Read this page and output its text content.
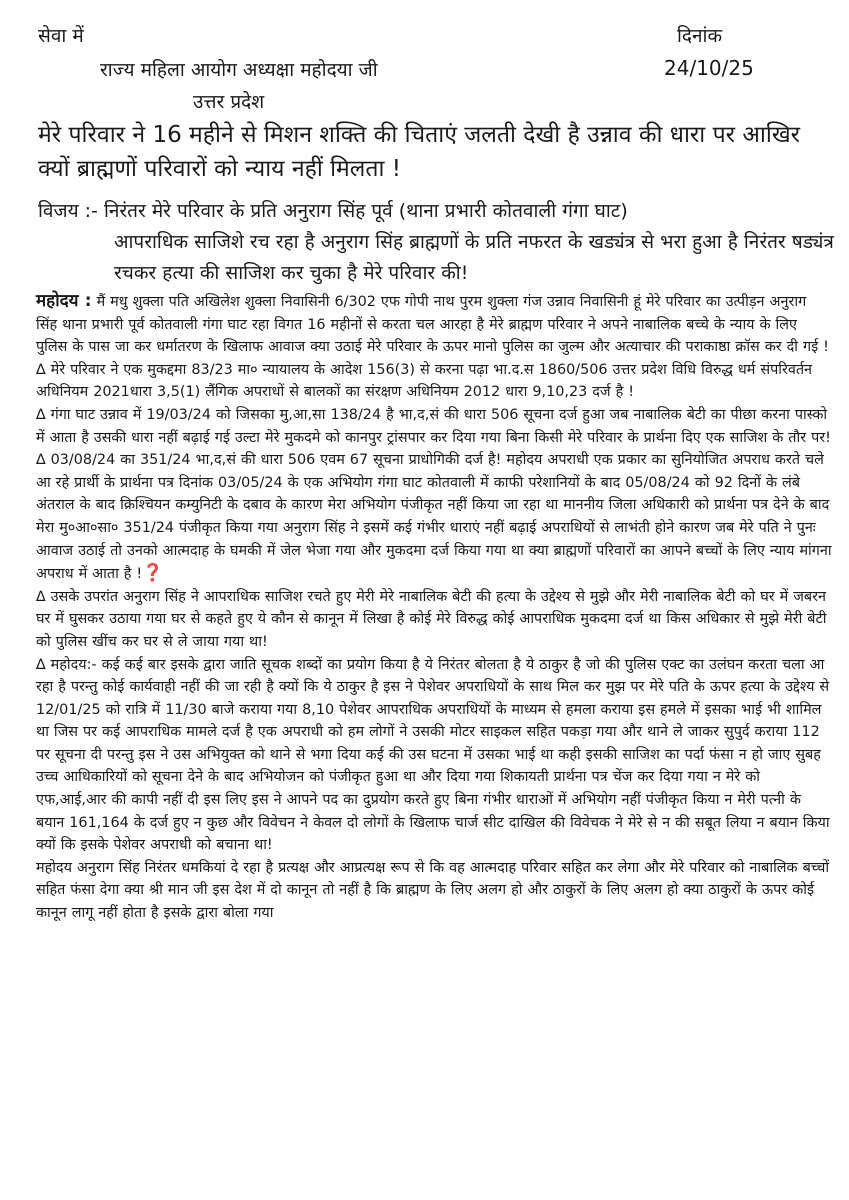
सेवा में
राज्य महिला आयोग अध्यक्षा महोदया जी
उत्तर प्रदेश
दिनांक
24/10/25
मेरे परिवार ने 16 महीने से मिशन शक्ति की चिताएं जलती देखी है उन्नाव की धारा पर आखिर क्यों ब्राह्मणों परिवारों को न्याय नहीं मिलता !
विजय :- निरंतर मेरे परिवार के प्रति अनुराग सिंह पूर्व (थाना प्रभारी कोतवाली गंगा घाट)
आपराधिक साजिशे रच रहा है अनुराग सिंह ब्राह्मणों के प्रति नफरत के खड्यंत्र से भरा हुआ है निरंतर षड्यंत्र रचकर हत्या की साजिश कर चुका है मेरे परिवार की!

महोदय : मैं मधु शुक्ला पति अखिलेश शुक्ला निवासिनी 6/302 एफ गोपी नाथ पुरम शुक्ला गंज उन्नाव निवासिनी हूं मेरे परिवार का उत्पीड़न अनुराग सिंह थाना प्रभारी पूर्व कोतवाली गंगा घाट रहा विगत 16 महीनों से करता चल आरहा है मेरे ब्राह्मण परिवार ने अपने नाबालिक बच्चे के न्याय के लिए पुलिस के पास जा कर धर्मातरण के खिलाफ आवाज क्या उठाई मेरे परिवार के ऊपर मानो पुलिस का जुल्म और अत्याचार की पराकाष्ठा क्रॉस कर दी गई !

∆ मेरे परिवार ने एक मुकद्दमा 83/23 मा० न्यायालय के आदेश 156(3) से करना पढ़ा भा.द.स 1860/506 उत्तर प्रदेश विधि विरुद्ध धर्म संपरिवर्तन अधिनियम 2021धारा 3,5(1) लैंगिक अपराधों से बालकों का संरक्षण अधिनियम 2012 धारा 9,10,23 दर्ज है !

∆ गंगा घाट उन्नाव में 19/03/24 को जिसका मु,आ,सा 138/24 है भा,द,सं की धारा 506 सूचना दर्ज हुआ जब नाबालिक बेटी का पीछा करना पास्को में आता है उसकी धारा नहीं बढ़ाई गई उल्टा मेरे मुकदमे को कानपुर ट्रांसपार कर दिया गया बिना किसी मेरे परिवार के प्रार्थना दिए एक साजिश के तौर पर!

∆ 03/08/24 का 351/24 भा,द,सं की धारा 506 एवम 67 सूचना प्राधोगिकी दर्ज है! महोदय अपराधी एक प्रकार का सुनियोजित अपराध करते चले आ रहे प्रार्थी के प्रार्थना पत्र दिनांक 03/05/24 के एक अभियोग गंगा घाट कोतवाली में काफी परेशानियों के बाद 05/08/24 को 92 दिनों के लंबे अंतराल के बाद क्रिश्चियन कम्युनिटी के दबाव के कारण मेरा अभियोग पंजीकृत नहीं किया जा रहा था माननीय जिला अधिकारी को प्रार्थना पत्र देने के बाद मेरा मु०आ०सा० 351/24 पंजीकृत किया गया अनुराग सिंह ने इसमें कई गंभीर धाराएं नहीं बढ़ाई अपराधियों से लाभंती होने कारण जब मेरे पति ने पुनः आवाज उठाई तो उनको आत्मदाह के घमकी में जेल भेजा गया और मुकदमा दर्ज किया गया था क्या ब्राह्मणों परिवारों का आपने बच्चों के लिए न्याय मांगना अपराध में आता है !❓

∆ उसके उपरांत अनुराग सिंह ने आपराधिक साजिश रचते हुए मेरी मेरे नाबालिक बेटी की हत्या के उद्देश्य से मुझे और मेरी नाबालिक बेटी को घर में जबरन घर में घुसकर उठाया गया घर से कहते हुए ये कौन से कानून में लिखा है कोई मेरे विरुद्ध कोई आपराधिक मुकदमा दर्ज था किस अधिकार से मुझे मेरी बेटी को पुलिस खींच कर घर से ले जाया गया था!

∆ महोदय:- कई कई बार इसके द्वारा जाति सूचक शब्दों का प्रयोग किया है ये निरंतर बोलता है ये ठाकुर है जो की पुलिस एक्ट का उलंघन करता चला आ रहा है परन्तु कोई कार्यवाही नहीं की जा रही है क्यों कि ये ठाकुर है इस ने पेशेवर अपराधियों के साथ मिल कर मुझ पर मेरे पति के ऊपर हत्या के उद्देश्य से 12/01/25 को रात्रि में 11/30 बाजे कराया गया 8,10 पेशेवर आपराधिक अपराधियों के माध्यम से हमला कराया इस हमले में इसका भाई भी शामिल था जिस पर कई आपराधिक मामले दर्ज है एक अपराधी को हम लोगों ने उसकी मोटर साइकल सहित पकड़ा गया और थाने ले जाकर सुपुर्द कराया 112 पर सूचना दी परन्तु इस ने उस अभियुक्त को थाने से भगा दिया कई की उस घटना में उसका भाई था कही इसकी साजिश का पर्दा फंसा न हो जाए सुबह उच्च आधिकारियों को सूचना देने के बाद अभियोजन को पंजीकृत हुआ था और दिया गया शिकायती प्रार्थना पत्र चेंज कर दिया गया न मेरे को एफ,आई,आर की कापी नहीं दी इस लिए इस ने आपने पद का दुप्रयोग करते हुए बिना गंभीर धाराओं में अभियोग नहीं पंजीकृत किया न मेरी पत्नी के बयान 161,164 के दर्ज हुए न कुछ और विवेचन ने केवल दो लोगों के खिलाफ चार्ज सीट दाखिल की विवेचक ने मेरे से न की सबूत लिया न बयान किया क्यों कि इसके पेशेवर अपराधी को बचाना था!

महोदय अनुराग सिंह निरंतर धमकियां दे रहा है प्रत्यक्ष और आप्रत्यक्ष रूप से कि वह आत्मदाह परिवार सहित कर लेगा और मेरे परिवार को नाबालिक बच्चों सहित फंसा देगा क्या श्री मान जी इस देश में दो कानून तो नहीं है कि ब्राह्मण के लिए अलग हो और ठाकुरों के लिए अलग हो क्या ठाकुरों के ऊपर कोई कानून लागू नहीं होता है इसके द्वारा बोला गया
